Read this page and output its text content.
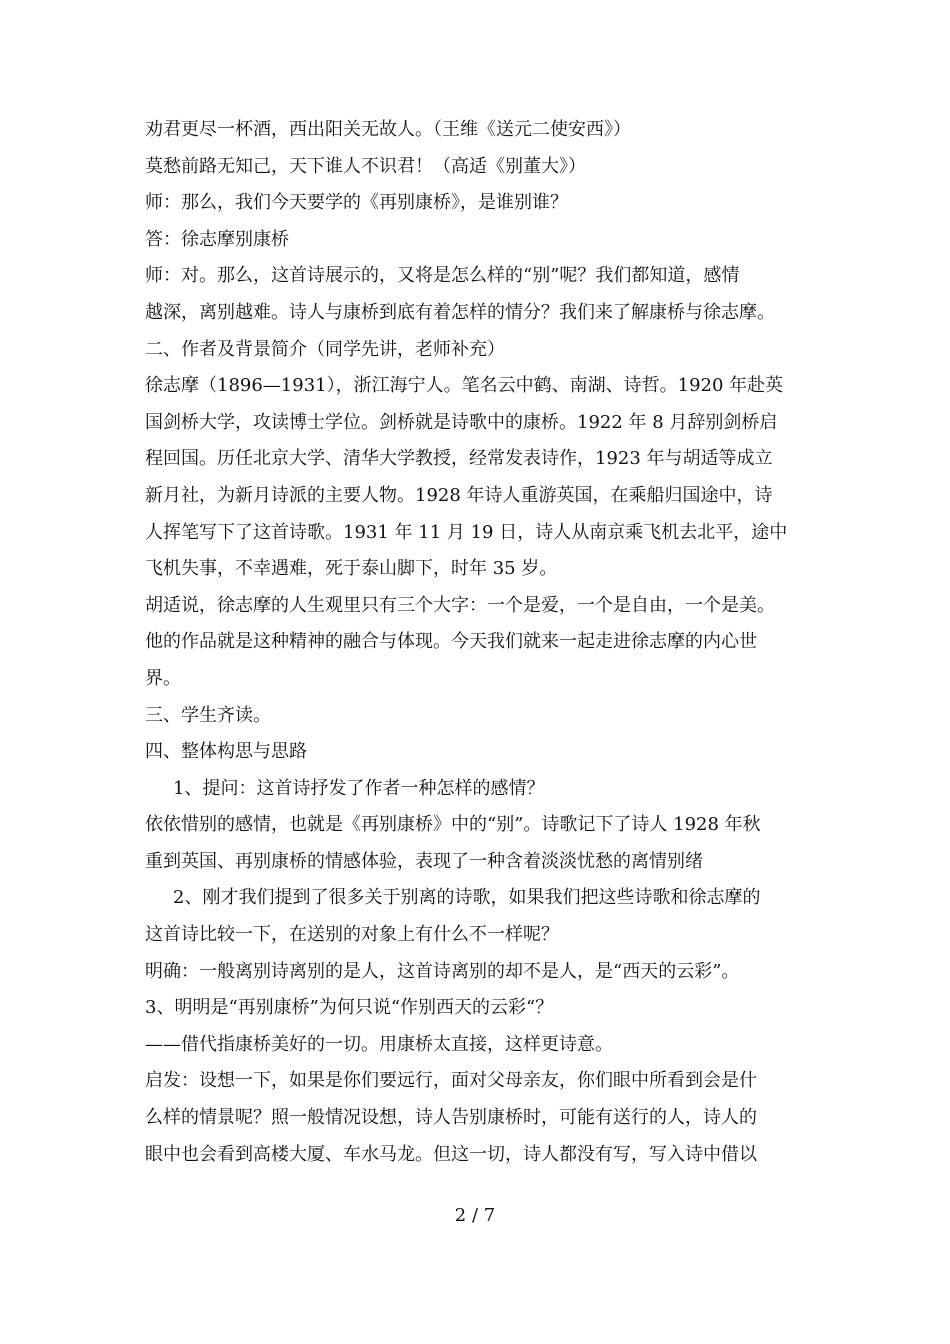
劝君更尽一杯酒，西出阳关无故人。（王维《送元二使安西》）
莫愁前路无知己，天下谁人不识君！（高适《别董大》）
师：那么，我们今天要学的《再别康桥》，是谁别谁？
答：徐志摩别康桥
师：对。那么，这首诗展示的，又将是怎么样的“别”呢？我们都知道，感情
越深，离别越难。诗人与康桥到底有着怎样的情分？我们来了解康桥与徐志摩。
二、作者及背景简介（同学先讲，老师补充）
徐志摩（1896—1931），浙江海宁人。笔名云中鹤、南湖、诗哲。1920 年赴英
国剑桥大学，攻读博士学位。剑桥就是诗歌中的康桥。1922 年 8 月辞别剑桥启
程回国。历任北京大学、清华大学教授，经常发表诗作，1923 年与胡适等成立
新月社，为新月诗派的主要人物。1928 年诗人重游英国，在乘船归国途中，诗
人挥笔写下了这首诗歌。1931 年 11 月 19 日，诗人从南京乘飞机去北平，途中
飞机失事，不幸遇难，死于泰山脚下，时年 35 岁。
胡适说，徐志摩的人生观里只有三个大字：一个是爱，一个是自由，一个是美。
他的作品就是这种精神的融合与体现。今天我们就来一起走进徐志摩的内心世
界。
三、学生齐读。
四、整体构思与思路
1、提问：这首诗抒发了作者一种怎样的感情？
依依惜别的感情，也就是《再别康桥》中的“别”。诗歌记下了诗人 1928 年秋
重到英国、再别康桥的情感体验，表现了一种含着淡淡忧愁的离情别绪
2、刚才我们提到了很多关于别离的诗歌，如果我们把这些诗歌和徐志摩的
这首诗比较一下，在送别的对象上有什么不一样呢？
明确：一般离别诗离别的是人，这首诗离别的却不是人，是“西天的云彩”。
3、明明是“再别康桥”为何只说“作别西天的云彩“？
——借代指康桥美好的一切。用康桥太直接，这样更诗意。
启发：设想一下，如果是你们要远行，面对父母亲友，你们眼中所看到会是什
么样的情景呢？照一般情况设想，诗人告别康桥时，可能有送行的人，诗人的
眼中也会看到高楼大厦、车水马龙。但这一切，诗人都没有写，写入诗中借以
2 / 7
